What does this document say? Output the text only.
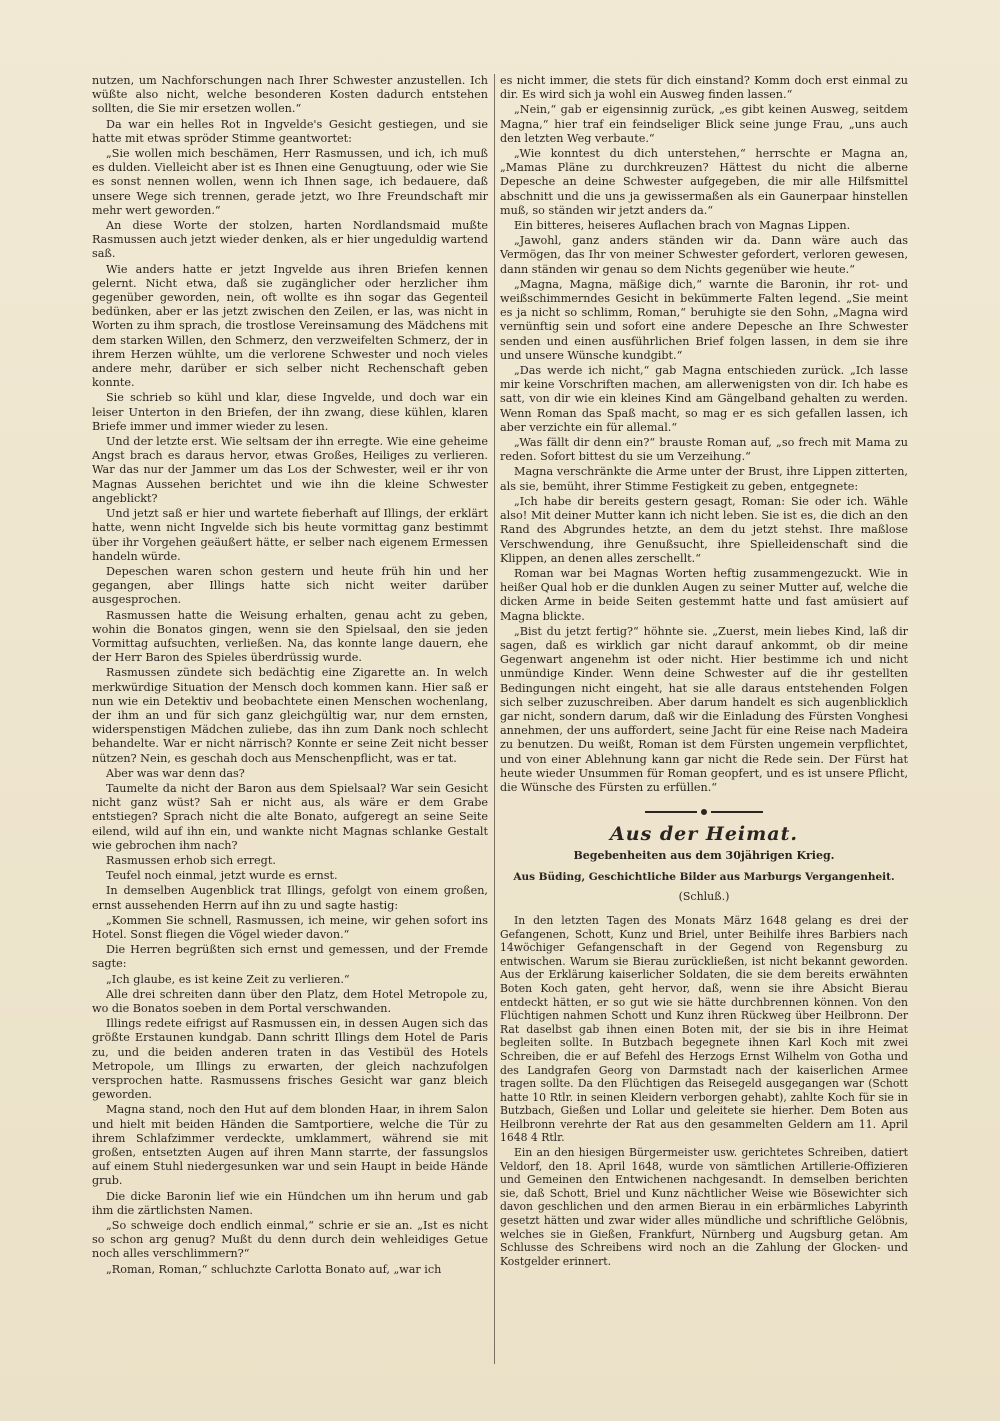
nutzen, um Nachforschungen nach Ihrer Schwester anzustellen. Ich wüßte also nicht, welche besonderen Kosten dadurch entstehen sollten, die Sie mir ersetzen wollen.“

Da war ein helles Rot in Ingvelde's Gesicht gestiegen, und sie hatte mit etwas spröder Stimme geantwortet:

„Sie wollen mich beschämen, Herr Rasmussen, und ich, ich muß es dulden. Vielleicht aber ist es Ihnen eine Genugtuung, oder wie Sie es sonst nennen wollen, wenn ich Ihnen sage, ich bedauere, daß unsere Wege sich trennen, gerade jetzt, wo Ihre Freundschaft mir mehr wert geworden.“

An diese Worte der stolzen, harten Nordlandsmaid mußte Rasmussen auch jetzt wieder denken, als er hier ungeduldig wartend saß.

Wie anders hatte er jetzt Ingvelde aus ihren Briefen kennen gelernt. Nicht etwa, daß sie zugänglicher oder herzlicher ihm gegenüber geworden, nein, oft wollte es ihn sogar das Gegenteil bedünken, aber er las jetzt zwischen den Zeilen, er las, was nicht in Worten zu ihm sprach, die trostlose Vereinsamung des Mädchens mit dem starken Willen, den Schmerz, den verzweifelten Schmerz, der in ihrem Herzen wühlte, um die verlorene Schwester und noch vieles andere mehr, darüber er sich selber nicht Rechenschaft geben konnte.

Sie schrieb so kühl und klar, diese Ingvelde, und doch war ein leiser Unterton in den Briefen, der ihn zwang, diese kühlen, klaren Briefe immer und immer wieder zu lesen.

Und der letzte erst. Wie seltsam der ihn erregte. Wie eine geheime Angst brach es daraus hervor, etwas Großes, Heiliges zu verlieren. War das nur der Jammer um das Los der Schwester, weil er ihr von Magnas Aussehen berichtet und wie ihn die kleine Schwester angeblickt?

Und jetzt saß er hier und wartete fieberhaft auf Illings, der erklärt hatte, wenn nicht Ingvelde sich bis heute vormittag ganz bestimmt über ihr Vorgehen geäußert hätte, er selber nach eigenem Ermessen handeln würde.

Depeschen waren schon gestern und heute früh hin und her gegangen, aber Illings hatte sich nicht weiter darüber ausgesprochen.

Rasmussen hatte die Weisung erhalten, genau acht zu geben, wohin die Bonatos gingen, wenn sie den Spielsaal, den sie jeden Vormittag aufsuchten, verließen. Na, das konnte lange dauern, ehe der Herr Baron des Spieles überdrüssig wurde.

Rasmussen zündete sich bedächtig eine Zigarette an. In welch merkwürdige Situation der Mensch doch kommen kann. Hier saß er nun wie ein Detektiv und beobachtete einen Menschen wochenlang, der ihm an und für sich ganz gleichgültig war, nur dem ernsten, widerspenstigen Mädchen zuliebe, das ihn zum Dank noch schlecht behandelte. War er nicht närrisch? Konnte er seine Zeit nicht besser nützen? Nein, es geschah doch aus Menschenpflicht, was er tat.

Aber was war denn das?

Taumelte da nicht der Baron aus dem Spielsaal? War sein Gesicht nicht ganz wüst? Sah er nicht aus, als wäre er dem Grabe entstiegen? Sprach nicht die alte Bonato, aufgeregt an seine Seite eilend, wild auf ihn ein, und wankte nicht Magnas schlanke Gestalt wie gebrochen ihm nach?

Rasmussen erhob sich erregt.

Teufel noch einmal, jetzt wurde es ernst.

In demselben Augenblick trat Illings, gefolgt von einem großen, ernst aussehenden Herrn auf ihn zu und sagte hastig:

„Kommen Sie schnell, Rasmussen, ich meine, wir gehen sofort ins Hotel. Sonst fliegen die Vögel wieder davon.“

Die Herren begrüßten sich ernst und gemessen, und der Fremde sagte:

„Ich glaube, es ist keine Zeit zu verlieren.“

Alle drei schreiten dann über den Platz, dem Hotel Metropole zu, wo die Bonatos soeben in dem Portal verschwanden.

Illings redete eifrigst auf Rasmussen ein, in dessen Augen sich das größte Erstaunen kundgab. Dann schritt Illings dem Hotel de Paris zu, und die beiden anderen traten in das Vestibül des Hotels Metropole, um Illings zu erwarten, der gleich nachzufolgen versprochen hatte. Rasmussens frisches Gesicht war ganz bleich geworden.

Magna stand, noch den Hut auf dem blonden Haar, in ihrem Salon und hielt mit beiden Händen die Samtportiere, welche die Tür zu ihrem Schlafzimmer verdeckte, umklammert, während sie mit großen, entsetzten Augen auf ihren Mann starrte, der fassungslos auf einem Stuhl niedergesunken war und sein Haupt in beide Hände grub.

Die dicke Baronin lief wie ein Hündchen um ihn herum und gab ihm die zärtlichsten Namen.

„So schweige doch endlich einmal,“ schrie er sie an. „Ist es nicht so schon arg genug? Mußt du denn durch dein wehleidiges Getue noch alles verschlimmern?“

„Roman, Roman,“ schluchzte Carlotta Bonato auf, „war ich

es nicht immer, die stets für dich einstand? Komm doch erst einmal zu dir. Es wird sich ja wohl ein Ausweg finden lassen.“

„Nein,“ gab er eigensinnig zurück, „es gibt keinen Ausweg, seitdem Magna,“ hier traf ein feindseliger Blick seine junge Frau, „uns auch den letzten Weg verbaute.“

„Wie konntest du dich unterstehen,“ herrschte er Magna an, „Mamas Pläne zu durchkreuzen? Hättest du nicht die alberne Depesche an deine Schwester aufgegeben, die mir alle Hilfsmittel abschnitt und die uns ja gewissermaßen als ein Gaunerpaar hinstellen muß, so ständen wir jetzt anders da.“

Ein bitteres, heiseres Auflachen brach von Magnas Lippen.

„Jawohl, ganz anders ständen wir da. Dann wäre auch das Vermögen, das Ihr von meiner Schwester gefordert, verloren gewesen, dann ständen wir genau so dem Nichts gegenüber wie heute.“

„Magna, Magna, mäßige dich,“ warnte die Baronin, ihr rot- und weißschimmerndes Gesicht in bekümmerte Falten legend. „Sie meint es ja nicht so schlimm, Roman,“ beruhigte sie den Sohn, „Magna wird vernünftig sein und sofort eine andere Depesche an Ihre Schwester senden und einen ausführlichen Brief folgen lassen, in dem sie ihre und unsere Wünsche kundgibt.“

„Das werde ich nicht,“ gab Magna entschieden zurück. „Ich lasse mir keine Vorschriften machen, am allerwenigsten von dir. Ich habe es satt, von dir wie ein kleines Kind am Gängelband gehalten zu werden. Wenn Roman das Spaß macht, so mag er es sich gefallen lassen, ich aber verzichte ein für allemal.“

„Was fällt dir denn ein?“ brauste Roman auf, „so frech mit Mama zu reden. Sofort bittest du sie um Verzeihung.“

Magna verschränkte die Arme unter der Brust, ihre Lippen zitterten, als sie, bemüht, ihrer Stimme Festigkeit zu geben, entgegnete:

„Ich habe dir bereits gestern gesagt, Roman: Sie oder ich. Wähle also! Mit deiner Mutter kann ich nicht leben. Sie ist es, die dich an den Rand des Abgrundes hetzte, an dem du jetzt stehst. Ihre maßlose Verschwendung, ihre Genußsucht, ihre Spielleidenschaft sind die Klippen, an denen alles zerschellt.“

Roman war bei Magnas Worten heftig zusammengezuckt. Wie in heißer Qual hob er die dunklen Augen zu seiner Mutter auf, welche die dicken Arme in beide Seiten gestemmt hatte und fast amüsiert auf Magna blickte.

„Bist du jetzt fertig?“ höhnte sie. „Zuerst, mein liebes Kind, laß dir sagen, daß es wirklich gar nicht darauf ankommt, ob dir meine Gegenwart angenehm ist oder nicht. Hier bestimme ich und nicht unmündige Kinder. Wenn deine Schwester auf die ihr gestellten Bedingungen nicht eingeht, hat sie alle daraus entstehenden Folgen sich selber zuzuschreiben. Aber darum handelt es sich augenblicklich gar nicht, sondern darum, daß wir die Einladung des Fürsten Vonghesi annehmen, der uns auffordert, seine Jacht für eine Reise nach Madeira zu benutzen. Du weißt, Roman ist dem Fürsten ungemein verpflichtet, und von einer Ablehnung kann gar nicht die Rede sein. Der Fürst hat heute wieder Unsummen für Roman geopfert, und es ist unsere Pflicht, die Wünsche des Fürsten zu erfüllen.“

Aus der Heimat.
Begebenheiten aus dem 30jährigen Krieg.
Aus Büding, Geschichtliche Bilder aus Marburgs Vergangenheit.
(Schluß.)

In den letzten Tagen des Monats März 1648 gelang es drei der Gefangenen, Schott, Kunz und Briel, unter Beihilfe ihres Barbiers nach 14wöchiger Gefangenschaft in der Gegend von Regensburg zu entwischen. Warum sie Bierau zurückließen, ist nicht bekannt geworden. Aus der Erklärung kaiserlicher Soldaten, die sie dem bereits erwähnten Boten Koch gaten, geht hervor, daß, wenn sie ihre Absicht Bierau entdeckt hätten, er so gut wie sie hätte durchbrennen können. Von den Flüchtigen nahmen Schott und Kunz ihren Rückweg über Heilbronn. Der Rat daselbst gab ihnen einen Boten mit, der sie bis in ihre Heimat begleiten sollte. In Butzbach begegnete ihnen Karl Koch mit zwei Schreiben, die er auf Befehl des Herzogs Ernst Wilhelm von Gotha und des Landgrafen Georg von Darmstadt nach der kaiserlichen Armee tragen sollte. Da den Flüchtigen das Reisegeld ausgegangen war (Schott hatte 10 Rtlr. in seinen Kleidern verborgen gehabt), zahlte Koch für sie in Butzbach, Gießen und Lollar und geleitete sie hierher. Dem Boten aus Heilbronn verehrte der Rat aus den gesammelten Geldern am 11. April 1648 4 Rtlr.

Ein an den hiesigen Bürgermeister usw. gerichtetes Schreiben, datiert Veldorf, den 18. April 1648, wurde von sämtlichen Artillerie-Offizieren und Gemeinen den Entwichenen nachgesandt. In demselben berichten sie, daß Schott, Briel und Kunz nächtlicher Weise wie Bösewichter sich davon geschlichen und den armen Bierau in ein erbärmliches Labyrinth gesetzt hätten und zwar wider alles mündliche und schriftliche Gelöbnis, welches sie in Gießen, Frankfurt, Nürnberg und Augsburg getan. Am Schlusse des Schreibens wird noch an die Zahlung der Glocken- und Kostgelder erinnert.
